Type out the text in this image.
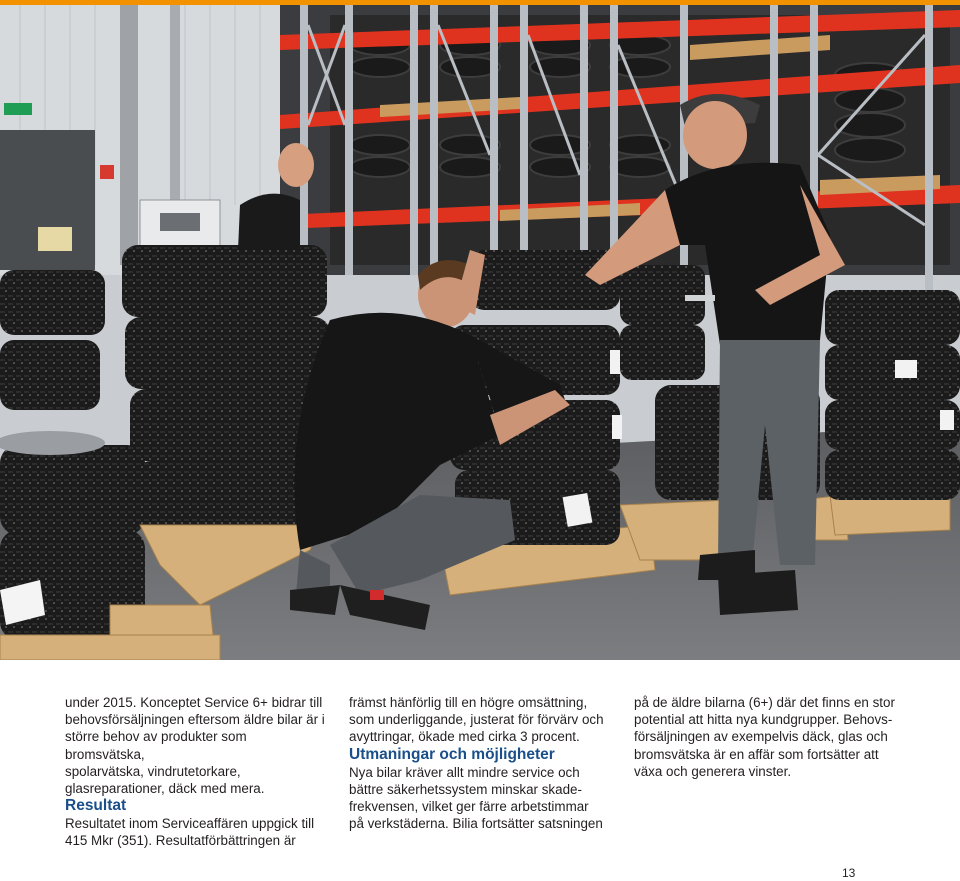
under 2015. Konceptet Service 6+ bidrar till

behovsförsäljningen eftersom äldre bilar är i

större behov av produkter som bromsvätska,

spolarvätska, vindrutetorkare,

glasreparationer, däck med mera.

Resultat

Resultatet inom Serviceaffären uppgick till

415 Mkr (351). Resultatförbättringen är

främst hänförlig till en högre omsättning,

som underliggande, justerat för förvärv och

avyttringar, ökade med cirka 3 procent.

Utmaningar och möjligheter

Nya bilar kräver allt mindre service och

bättre säkerhetssystem minskar skade-

frekvensen, vilket ger färre arbetstimmar

på verkstäderna. Bilia fortsätter satsningen

på de äldre bilarna (6+) där det finns en stor

potential att hitta nya kundgrupper. Behovs-

försäljningen av exempelvis däck, glas och

bromsvätska är en affär som fortsätter att

växa och generera vinster.

13
